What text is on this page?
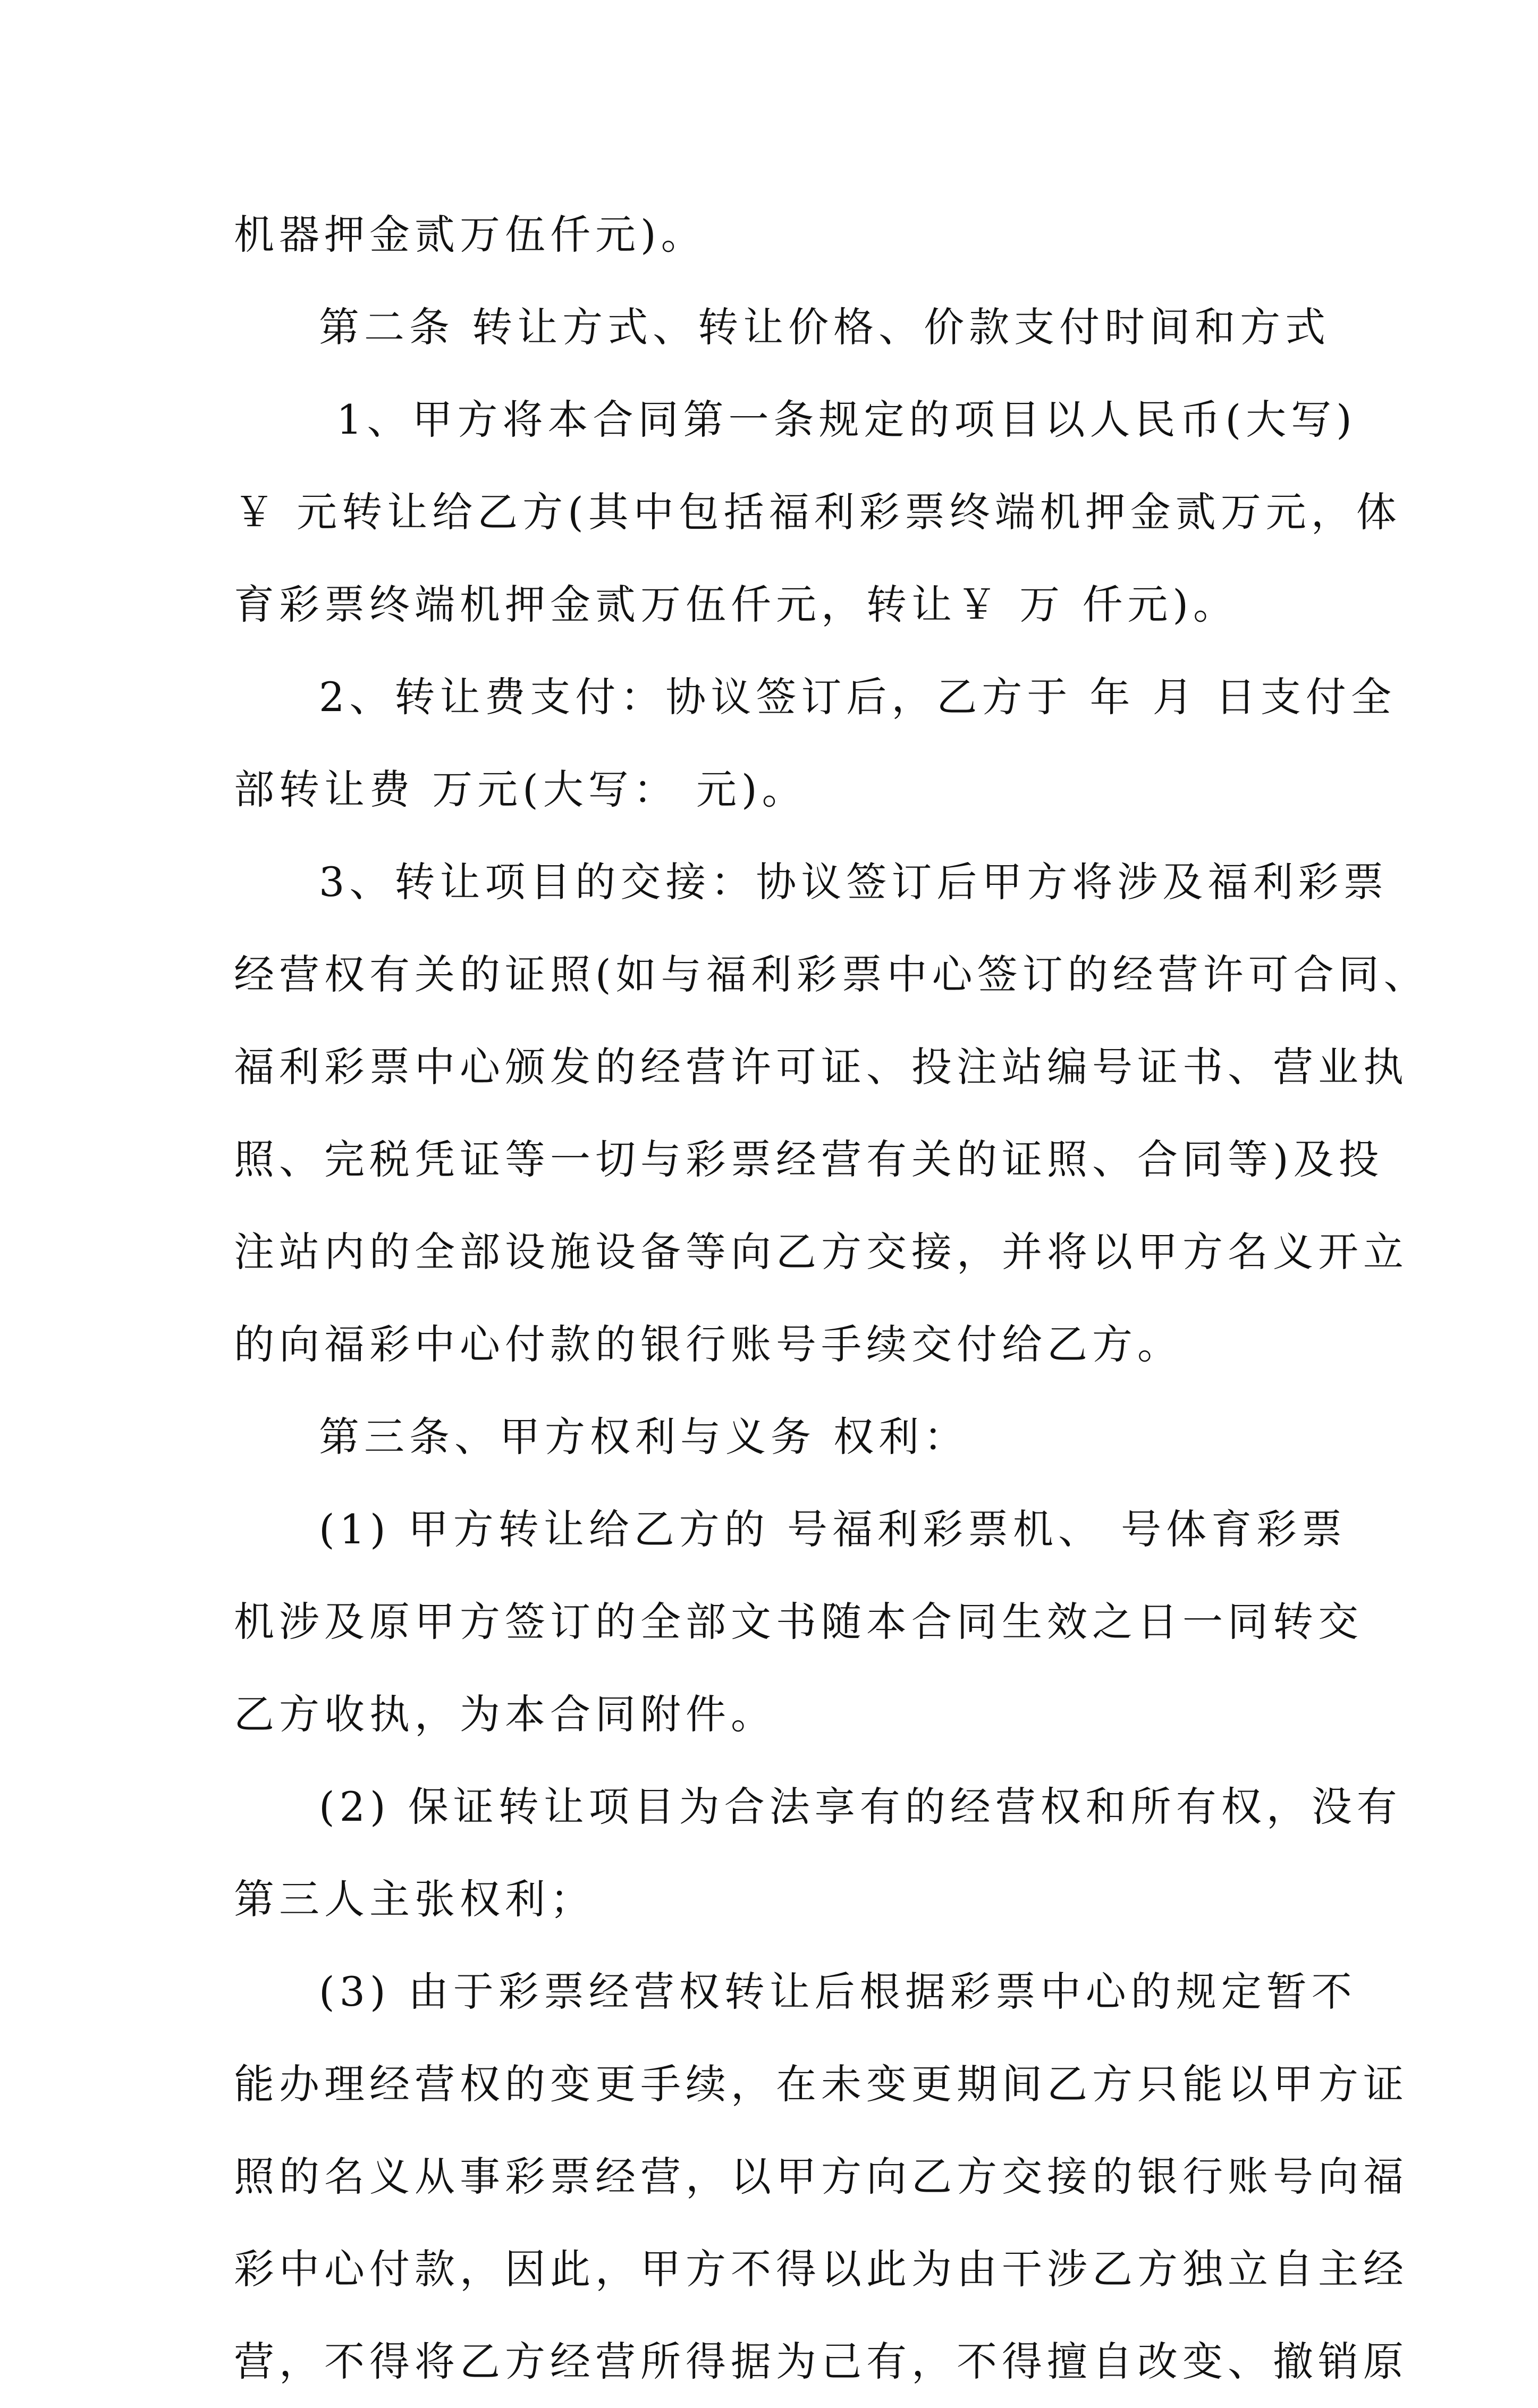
机器押金贰万伍仟元)。
第二条 转让方式、转让价格、价款支付时间和方式
1、甲方将本合同第一条规定的项目以人民币(大写)
￥ 元转让给乙方(其中包括福利彩票终端机押金贰万元，体
育彩票终端机押金贰万伍仟元，转让￥ 万 仟元)。
2、转让费支付：协议签订后，乙方于 年 月 日支付全
部转让费 万元(大写： 元)。
3、转让项目的交接：协议签订后甲方将涉及福利彩票
经营权有关的证照(如与福利彩票中心签订的经营许可合同、
福利彩票中心颁发的经营许可证、投注站编号证书、营业执
照、完税凭证等一切与彩票经营有关的证照、合同等)及投
注站内的全部设施设备等向乙方交接，并将以甲方名义开立
的向福彩中心付款的银行账号手续交付给乙方。
第三条、甲方权利与义务 权利：
(1) 甲方转让给乙方的 号福利彩票机、 号体育彩票
机涉及原甲方签订的全部文书随本合同生效之日一同转交
乙方收执，为本合同附件。
(2) 保证转让项目为合法享有的经营权和所有权，没有
第三人主张权利；
(3) 由于彩票经营权转让后根据彩票中心的规定暂不
能办理经营权的变更手续，在未变更期间乙方只能以甲方证
照的名义从事彩票经营，以甲方向乙方交接的银行账号向福
彩中心付款，因此，甲方不得以此为由干涉乙方独立自主经
营，不得将乙方经营所得据为己有，不得擅自改变、撤销原
